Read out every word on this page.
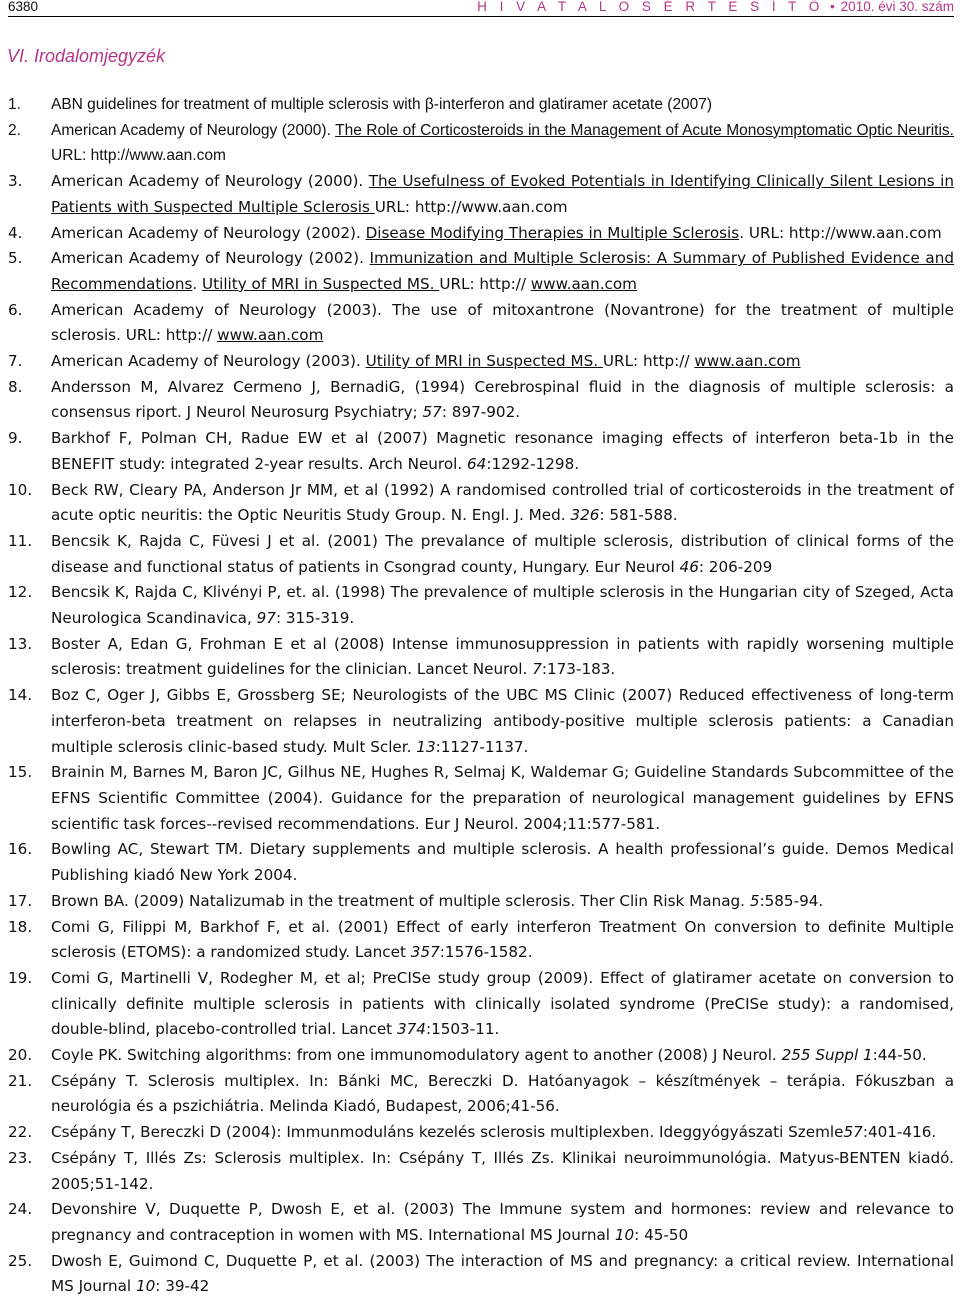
6380	H I V A T A L O S É R T E S Í T Ő • 2010. évi 30. szám
VI. Irodalomjegyzék
1. ABN guidelines for treatment of multiple sclerosis with β-interferon and glatiramer acetate (2007)
2. American Academy of Neurology (2000). The Role of Corticosteroids in the Management of Acute Monosymptomatic Optic Neuritis. URL: http://www.aan.com
3. American Academy of Neurology (2000). The Usefulness of Evoked Potentials in Identifying Clinically Silent Lesions in Patients with Suspected Multiple Sclerosis URL: http://www.aan.com
4. American Academy of Neurology (2002). Disease Modifying Therapies in Multiple Sclerosis. URL: http://www.aan.com
5. American Academy of Neurology (2002). Immunization and Multiple Sclerosis: A Summary of Published Evidence and Recommendations. Utility of MRI in Suspected MS. URL: http:// www.aan.com
6. American Academy of Neurology (2003). The use of mitoxantrone (Novantrone) for the treatment of multiple sclerosis. URL: http:// www.aan.com
7. American Academy of Neurology (2003). Utility of MRI in Suspected MS. URL: http:// www.aan.com
8. Andersson M, Alvarez Cermeno J, BernadiG, (1994) Cerebrospinal fluid in the diagnosis of multiple sclerosis: a consensus riport. J Neurol Neurosurg Psychiatry; 57: 897-902.
9. Barkhof F, Polman CH, Radue EW et al (2007) Magnetic resonance imaging effects of interferon beta-1b in the BENEFIT study: integrated 2-year results. Arch Neurol. 64:1292-1298.
10. Beck RW, Cleary PA, Anderson Jr MM, et al (1992) A randomised controlled trial of corticosteroids in the treatment of acute optic neuritis: the Optic Neuritis Study Group. N. Engl. J. Med. 326: 581-588.
11. Bencsik K, Rajda C, Füvesi J et al. (2001) The prevalance of multiple sclerosis, distribution of clinical forms of the disease and functional status of patients in Csongrad county, Hungary. Eur Neurol 46: 206-209
12. Bencsik K, Rajda C, Klivényi P, et. al. (1998) The prevalence of multiple sclerosis in the Hungarian city of Szeged, Acta Neurologica Scandinavica, 97: 315-319.
13. Boster A, Edan G, Frohman E et al (2008) Intense immunosuppression in patients with rapidly worsening multiple sclerosis: treatment guidelines for the clinician. Lancet Neurol. 7:173-183.
14. Boz C, Oger J, Gibbs E, Grossberg SE; Neurologists of the UBC MS Clinic (2007) Reduced effectiveness of long-term interferon-beta treatment on relapses in neutralizing antibody-positive multiple sclerosis patients: a Canadian multiple sclerosis clinic-based study. Mult Scler. 13:1127-1137.
15. Brainin M, Barnes M, Baron JC, Gilhus NE, Hughes R, Selmaj K, Waldemar G; Guideline Standards Subcommittee of the EFNS Scientific Committee (2004). Guidance for the preparation of neurological management guidelines by EFNS scientific task forces--revised recommendations. Eur J Neurol. 2004;11:577-581.
16. Bowling AC, Stewart TM. Dietary supplements and multiple sclerosis. A health professional’s guide. Demos Medical Publishing kiadó New York 2004.
17. Brown BA. (2009) Natalizumab in the treatment of multiple sclerosis. Ther Clin Risk Manag. 5:585-94.
18. Comi G, Filippi M, Barkhof F, et al. (2001) Effect of early interferon Treatment On conversion to definite Multiple sclerosis (ETOMS): a randomized study. Lancet 357:1576-1582.
19. Comi G, Martinelli V, Rodegher M, et al; PreCISe study group (2009). Effect of glatiramer acetate on conversion to clinically definite multiple sclerosis in patients with clinically isolated syndrome (PreCISe study): a randomised, double-blind, placebo-controlled trial. Lancet 374:1503-11.
20. Coyle PK. Switching algorithms: from one immunomodulatory agent to another (2008) J Neurol. 255 Suppl 1:44-50.
21. Csépány T. Sclerosis multiplex. In: Bánki MC, Bereczki D. Hatóanyagok – készítmények – terápia. Fókuszban a neurológia és a pszichiátria. Melinda Kiadó, Budapest, 2006;41-56.
22. Csépány T, Bereczki D (2004): Immunmoduláns kezelés sclerosis multiplexben. Ideggyógyászati Szemle57:401-416.
23. Csépány T, Illés Zs: Sclerosis multiplex. In: Csépány T, Illés Zs. Klinikai neuroimmunológia. Matyus-BENTEN kiadó. 2005;51-142.
24. Devonshire V, Duquette P, Dwosh E, et al. (2003) The Immune system and hormones: review and relevance to pregnancy and contraception in women with MS. International MS Journal 10: 45-50
25. Dwosh E, Guimond C, Duquette P, et al. (2003) The interaction of MS and pregnancy: a critical review. International MS Journal 10: 39-42
